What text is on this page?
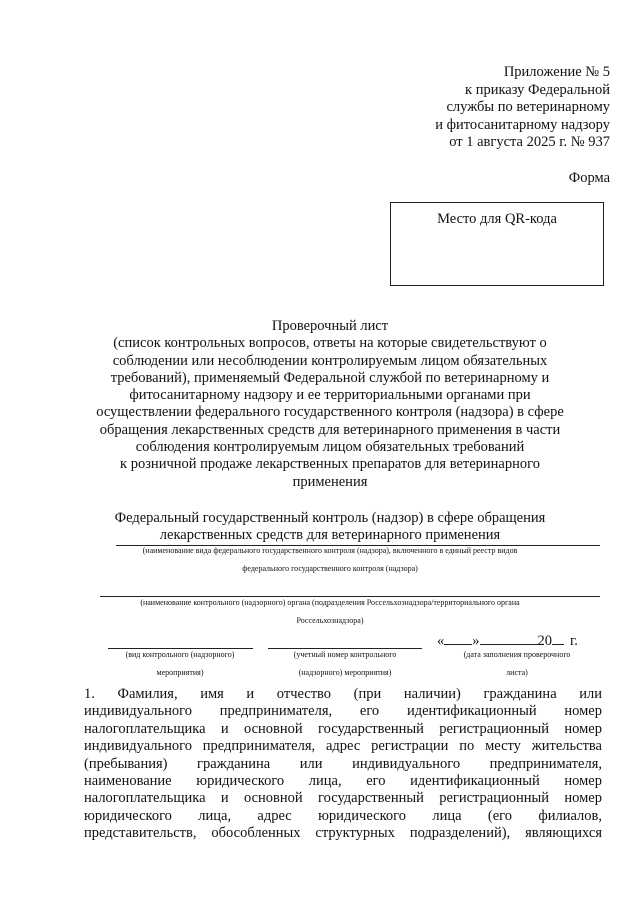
Приложение № 5
к приказу Федеральной
службы по ветеринарному
и фитосанитарному надзору
от 1 августа 2025 г. № 937
Форма
Место для QR-кода
Проверочный лист
(список контрольных вопросов, ответы на которые свидетельствуют о
соблюдении или несоблюдении контролируемым лицом обязательных
требований), применяемый Федеральной службой по ветеринарному и
фитосанитарному надзору и ее территориальными органами при
осуществлении федерального государственного контроля (надзора) в сфере
обращения лекарственных средств для ветеринарного применения в части
соблюдения контролируемым лицом обязательных требований
к розничной продаже лекарственных препаратов для ветеринарного
применения
Федеральный государственный контроль (надзор) в сфере обращения
лекарственных средств для ветеринарного применения
(наименование вида федерального государственного контроля (надзора), включенного в единый реестр видов
федерального государственного контроля (надзора)
(наименование контрольного (надзорного) органа (подразделения Россельхознадзора/территориального органа
Россельхознадзора)
(вид контрольного (надзорного)
мероприятия)
(учетный номер контрольного
(надзорного) мероприятия)
« »	20 г.
(дата заполнения проверочного
листа)
1. Фамилия, имя и отчество (при наличии) гражданина или
индивидуального предпринимателя, его идентификационный номер
налогоплательщика и основной государственный регистрационный номер
индивидуального предпринимателя, адрес регистрации по месту жительства
(пребывания) гражданина или индивидуального предпринимателя,
наименование юридического лица, его идентификационный номер
налогоплательщика и основной государственный регистрационный номер
юридического лица, адрес юридического лица (его филиалов,
представительств, обособленных структурных подразделений), являющихся
